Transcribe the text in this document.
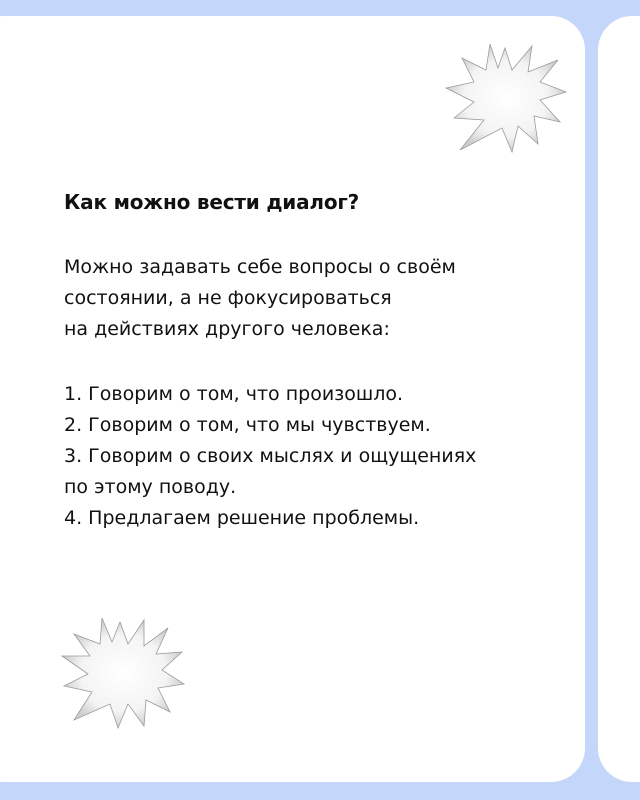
Как можно вести диалог?

Можно задавать себе вопросы о своём
состоянии, а не фокусироваться
на действиях другого человека:

1. Говорим о том, что произошло.
2. Говорим о том, что мы чувствуем.
3. Говорим о своих мыслях и ощущениях
по этому поводу.
4. Предлагаем решение проблемы.
